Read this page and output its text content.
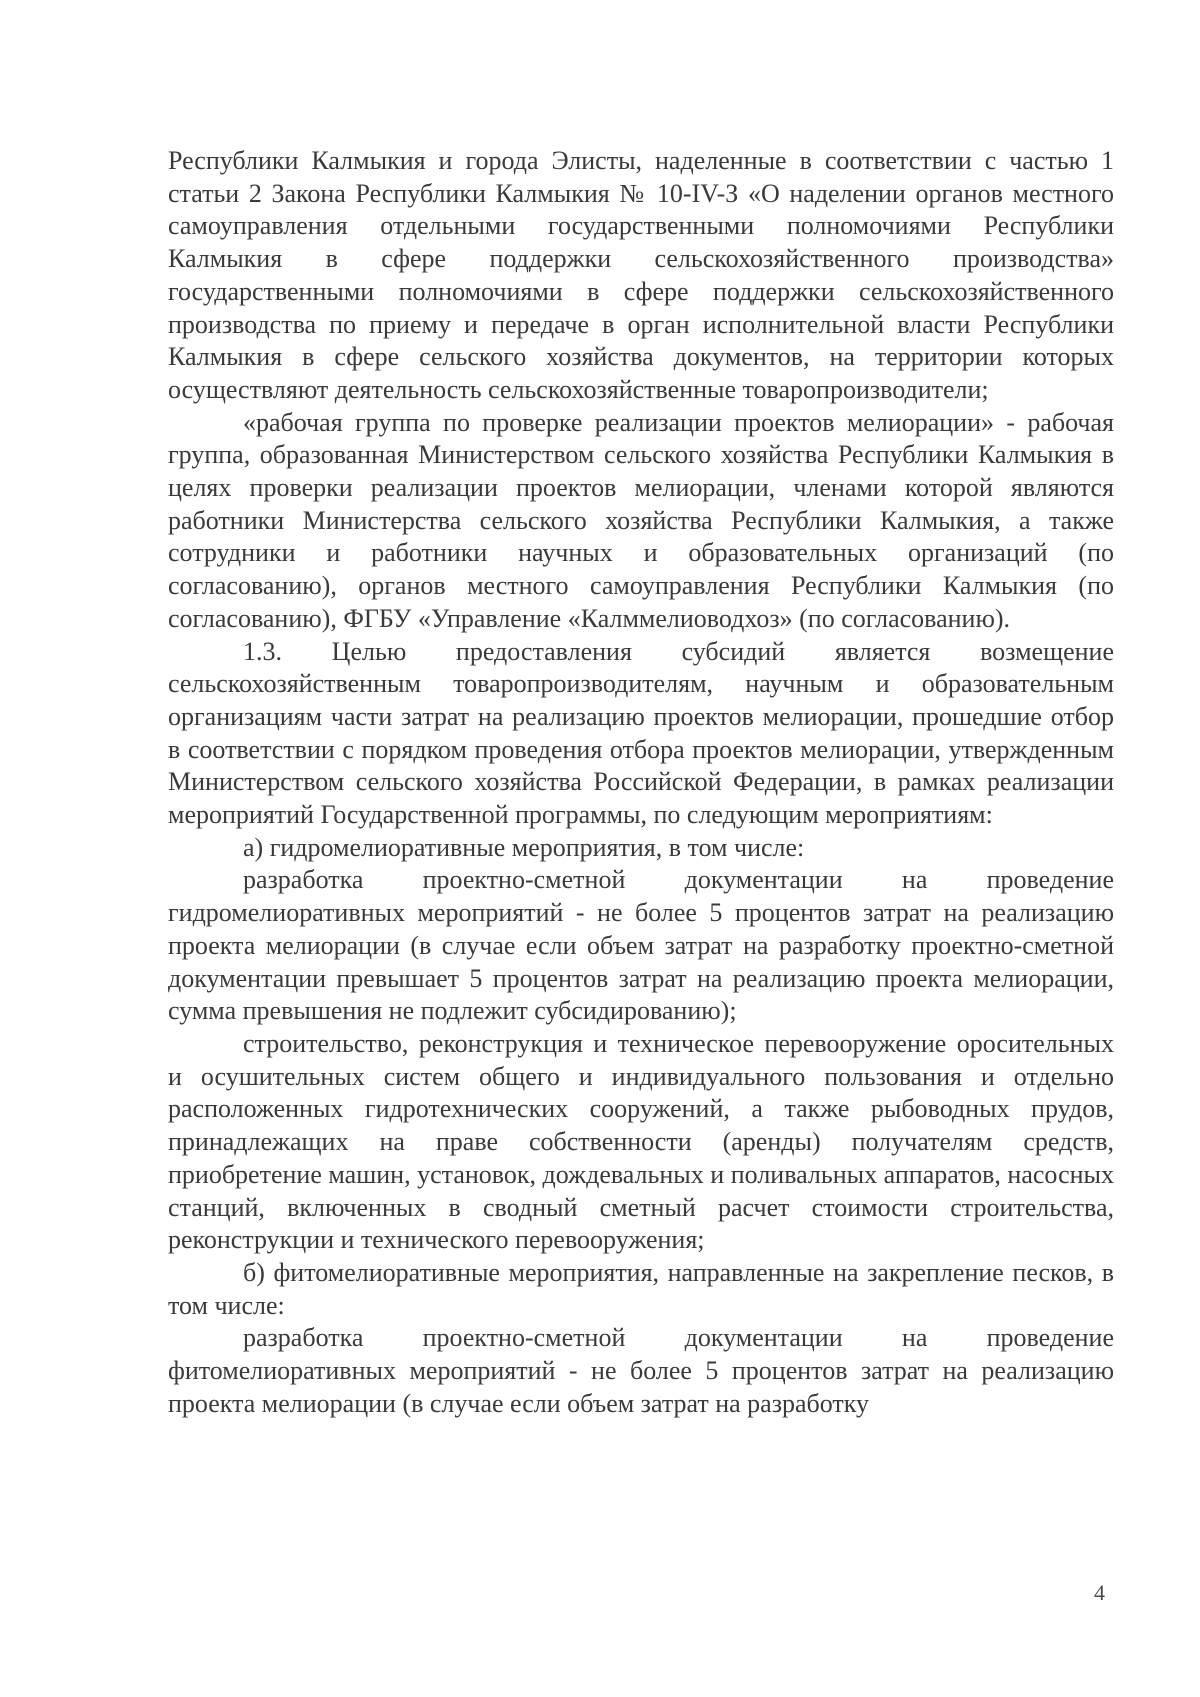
Республики Калмыкия и города Элисты, наделенные в соответствии с частью 1 статьи 2 Закона Республики Калмыкия № 10-IV-З «О наделении органов местного самоуправления отдельными государственными полномочиями Республики Калмыкия в сфере поддержки сельскохозяйственного производства» государственными полномочиями в сфере поддержки сельскохозяйственного производства по приему и передаче в орган исполнительной власти Республики Калмыкия в сфере сельского хозяйства документов, на территории которых осуществляют деятельность сельскохозяйственные товаропроизводители;

«рабочая группа по проверке реализации проектов мелиорации» - рабочая группа, образованная Министерством сельского хозяйства Республики Калмыкия в целях проверки реализации проектов мелиорации, членами которой являются работники Министерства сельского хозяйства Республики Калмыкия, а также сотрудники и работники научных и образовательных организаций (по согласованию), органов местного самоуправления Республики Калмыкия (по согласованию), ФГБУ «Управление «Калммелиоводхоз» (по согласованию).

1.3. Целью предоставления субсидий является возмещение сельскохозяйственным товаропроизводителям, научным и образовательным организациям части затрат на реализацию проектов мелиорации, прошедшие отбор в соответствии с порядком проведения отбора проектов мелиорации, утвержденным Министерством сельского хозяйства Российской Федерации, в рамках реализации мероприятий Государственной программы, по следующим мероприятиям:

а) гидромелиоративные мероприятия, в том числе:

разработка проектно-сметной документации на проведение гидромелиоративных мероприятий - не более 5 процентов затрат на реализацию проекта мелиорации (в случае если объем затрат на разработку проектно-сметной документации превышает 5 процентов затрат на реализацию проекта мелиорации, сумма превышения не подлежит субсидированию);

строительство, реконструкция и техническое перевооружение оросительных и осушительных систем общего и индивидуального пользования и отдельно расположенных гидротехнических сооружений, а также рыбоводных прудов, принадлежащих на праве собственности (аренды) получателям средств, приобретение машин, установок, дождевальных и поливальных аппаратов, насосных станций, включенных в сводный сметный расчет стоимости строительства, реконструкции и технического перевооружения;

б) фитомелиоративные мероприятия, направленные на закрепление песков, в том числе:

разработка проектно-сметной документации на проведение фитомелиоративных мероприятий - не более 5 процентов затрат на реализацию проекта мелиорации (в случае если объем затрат на разработку

4
